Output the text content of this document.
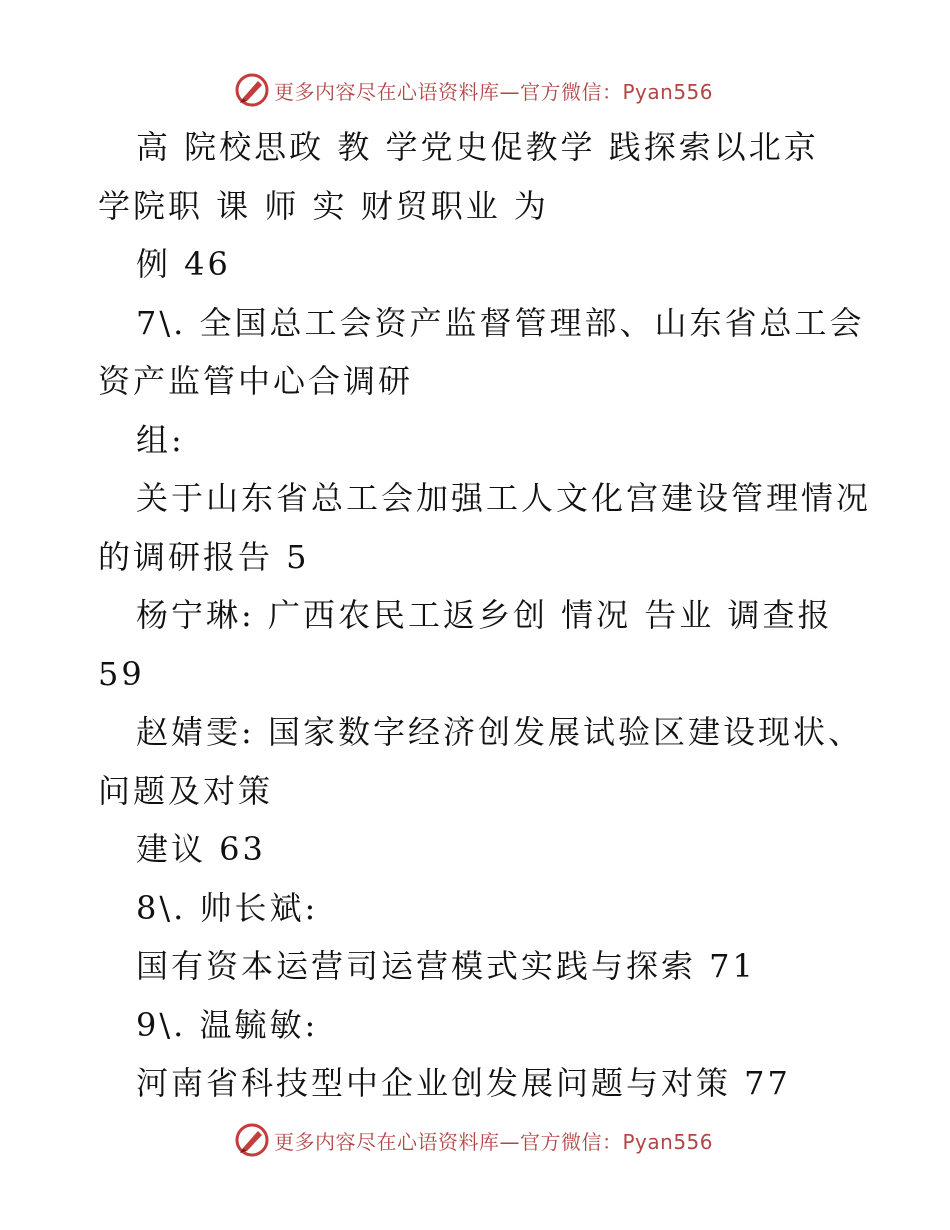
更多内容尽在心语资料库—官方微信：Pyan556
高 院校思政 教 学党史促教学 践探索以北京
学院职 课 师 实 财贸职业 为
例 46
7\. 全国总工会资产监督管理部、山东省总工会
资产监管中心合调研
组:
关于山东省总工会加强工人文化宫建设管理情况
的调研报告 5
杨宁琳: 广西农民工返乡创 情况 告业 调查报
59
赵婧雯: 国家数字经济创发展试验区建设现状、
问题及对策
建议 63
8\. 帅长斌:
国有资本运营司运营模式实践与探索 71
9\. 温毓敏:
河南省科技型中企业创发展问题与对策 77
更多内容尽在心语资料库—官方微信：Pyan556
